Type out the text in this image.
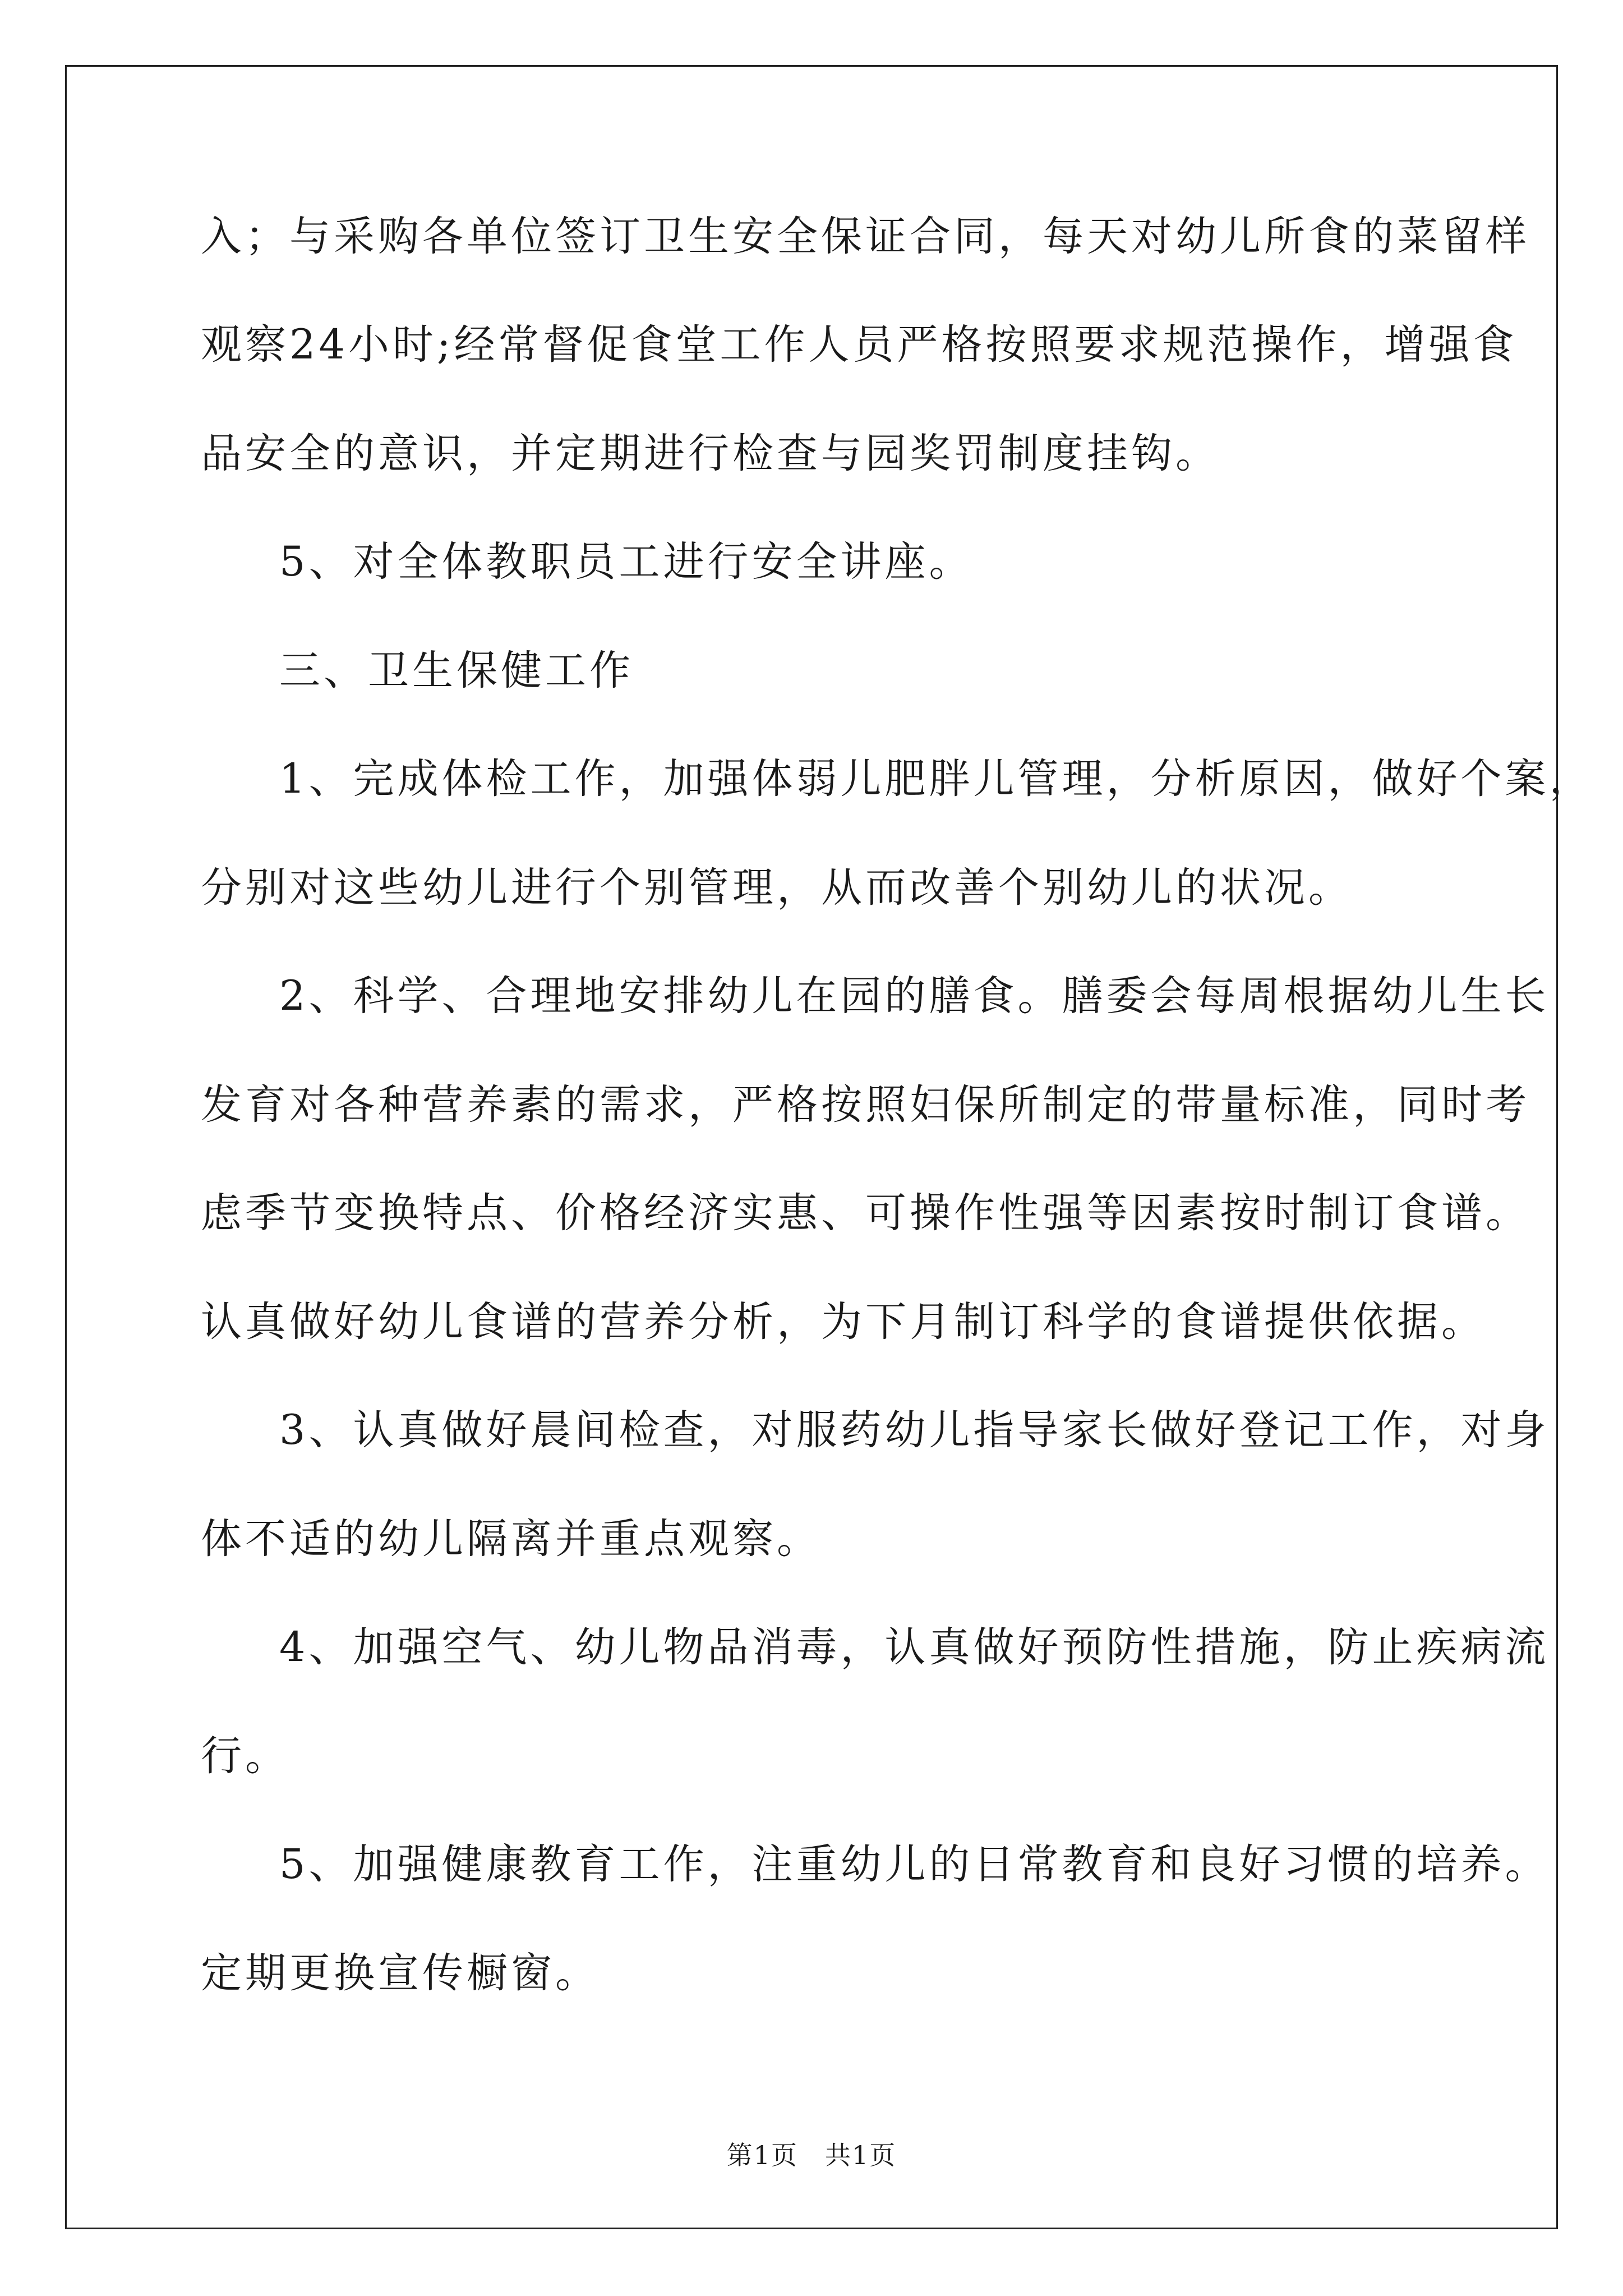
入；与采购各单位签订卫生安全保证合同，每天对幼儿所食的菜留样
观察24小时;经常督促食堂工作人员严格按照要求规范操作，增强食
品安全的意识，并定期进行检查与园奖罚制度挂钩。
5、对全体教职员工进行安全讲座。
三、卫生保健工作
1、完成体检工作，加强体弱儿肥胖儿管理，分析原因，做好个案，
分别对这些幼儿进行个别管理，从而改善个别幼儿的状况。
2、科学、合理地安排幼儿在园的膳食。膳委会每周根据幼儿生长
发育对各种营养素的需求，严格按照妇保所制定的带量标准，同时考
虑季节变换特点、价格经济实惠、可操作性强等因素按时制订食谱。
认真做好幼儿食谱的营养分析，为下月制订科学的食谱提供依据。
3、认真做好晨间检查，对服药幼儿指导家长做好登记工作，对身
体不适的幼儿隔离并重点观察。
4、加强空气、幼儿物品消毒，认真做好预防性措施，防止疾病流
行。
5、加强健康教育工作，注重幼儿的日常教育和良好习惯的培养。
定期更换宣传橱窗。
第1页　共1页
